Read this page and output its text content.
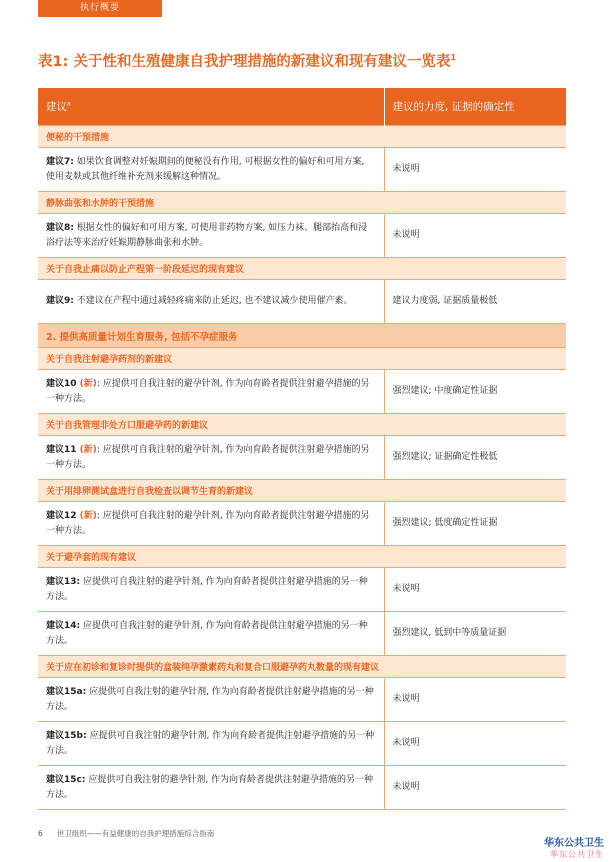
执行概要
表1: 关于性和生殖健康自我护理措施的新建议和现有建议一览表$^1$
建议$^a$	建议的力度, 证据的确定性
便秘的干预措施	
建议7: 如果饮食调整对妊娠期间的便秘没有作用, 可根据女性的偏好和可用方案, 使用麦麸或其他纤维补充剂来缓解这种情况。	未说明
静脉曲张和水肿的干预措施	
建议8: 根据女性的偏好和可用方案, 可使用非药物方案, 如压力袜、腿部抬高和浸浴疗法等来治疗妊娠期静脉曲张和水肿。	未说明
关于自我止痛以防止产程第一阶段延迟的现有建议	
建议9: 不建议在产程中通过减轻疼痛来防止延迟, 也不建议减少使用催产素。	建议力度弱, 证据质量极低
2. 提供高质量计划生育服务, 包括不孕症服务	
关于自我注射避孕药剂的新建议	
建议10 (新): 应提供可自我注射的避孕针剂, 作为向育龄者提供注射避孕措施的另一种方法。	强烈建议; 中度确定性证据
关于自我管理非处方口服避孕药的新建议	
建议11 (新): 应提供可自我注射的避孕针剂, 作为向育龄者提供注射避孕措施的另一种方法。	强烈建议; 证据确定性极低
关于用排卵测试盒进行自我检查以调节生育的新建议	
建议12 (新): 应提供可自我注射的避孕针剂, 作为向育龄者提供注射避孕措施的另一种方法。	强烈建议; 低度确定性证据
关于避孕套的现有建议	
建议13: 应提供可自我注射的避孕针剂, 作为向育龄者提供注射避孕措施的另一种方法。	未说明
建议14: 应提供可自我注射的避孕针剂, 作为向育龄者提供注射避孕措施的另一种方法。	强烈建议, 低到中等质量证据
关于应在初诊和复诊时提供的盒装纯孕激素药丸和复合口服避孕药丸数量的现有建议	
建议15a: 应提供可自我注射的避孕针剂, 作为向育龄者提供注射避孕措施的另一种方法。	未说明
建议15b: 应提供可自我注射的避孕针剂, 作为向育龄者提供注射避孕措施的另一种方法。	未说明
建议15c: 应提供可自我注射的避孕针剂, 作为向育龄者提供注射避孕措施的另一种方法。	未说明
6 世卫组织——有益健康的自我护理措施综合指南
华东公共卫生
华东公共卫生
